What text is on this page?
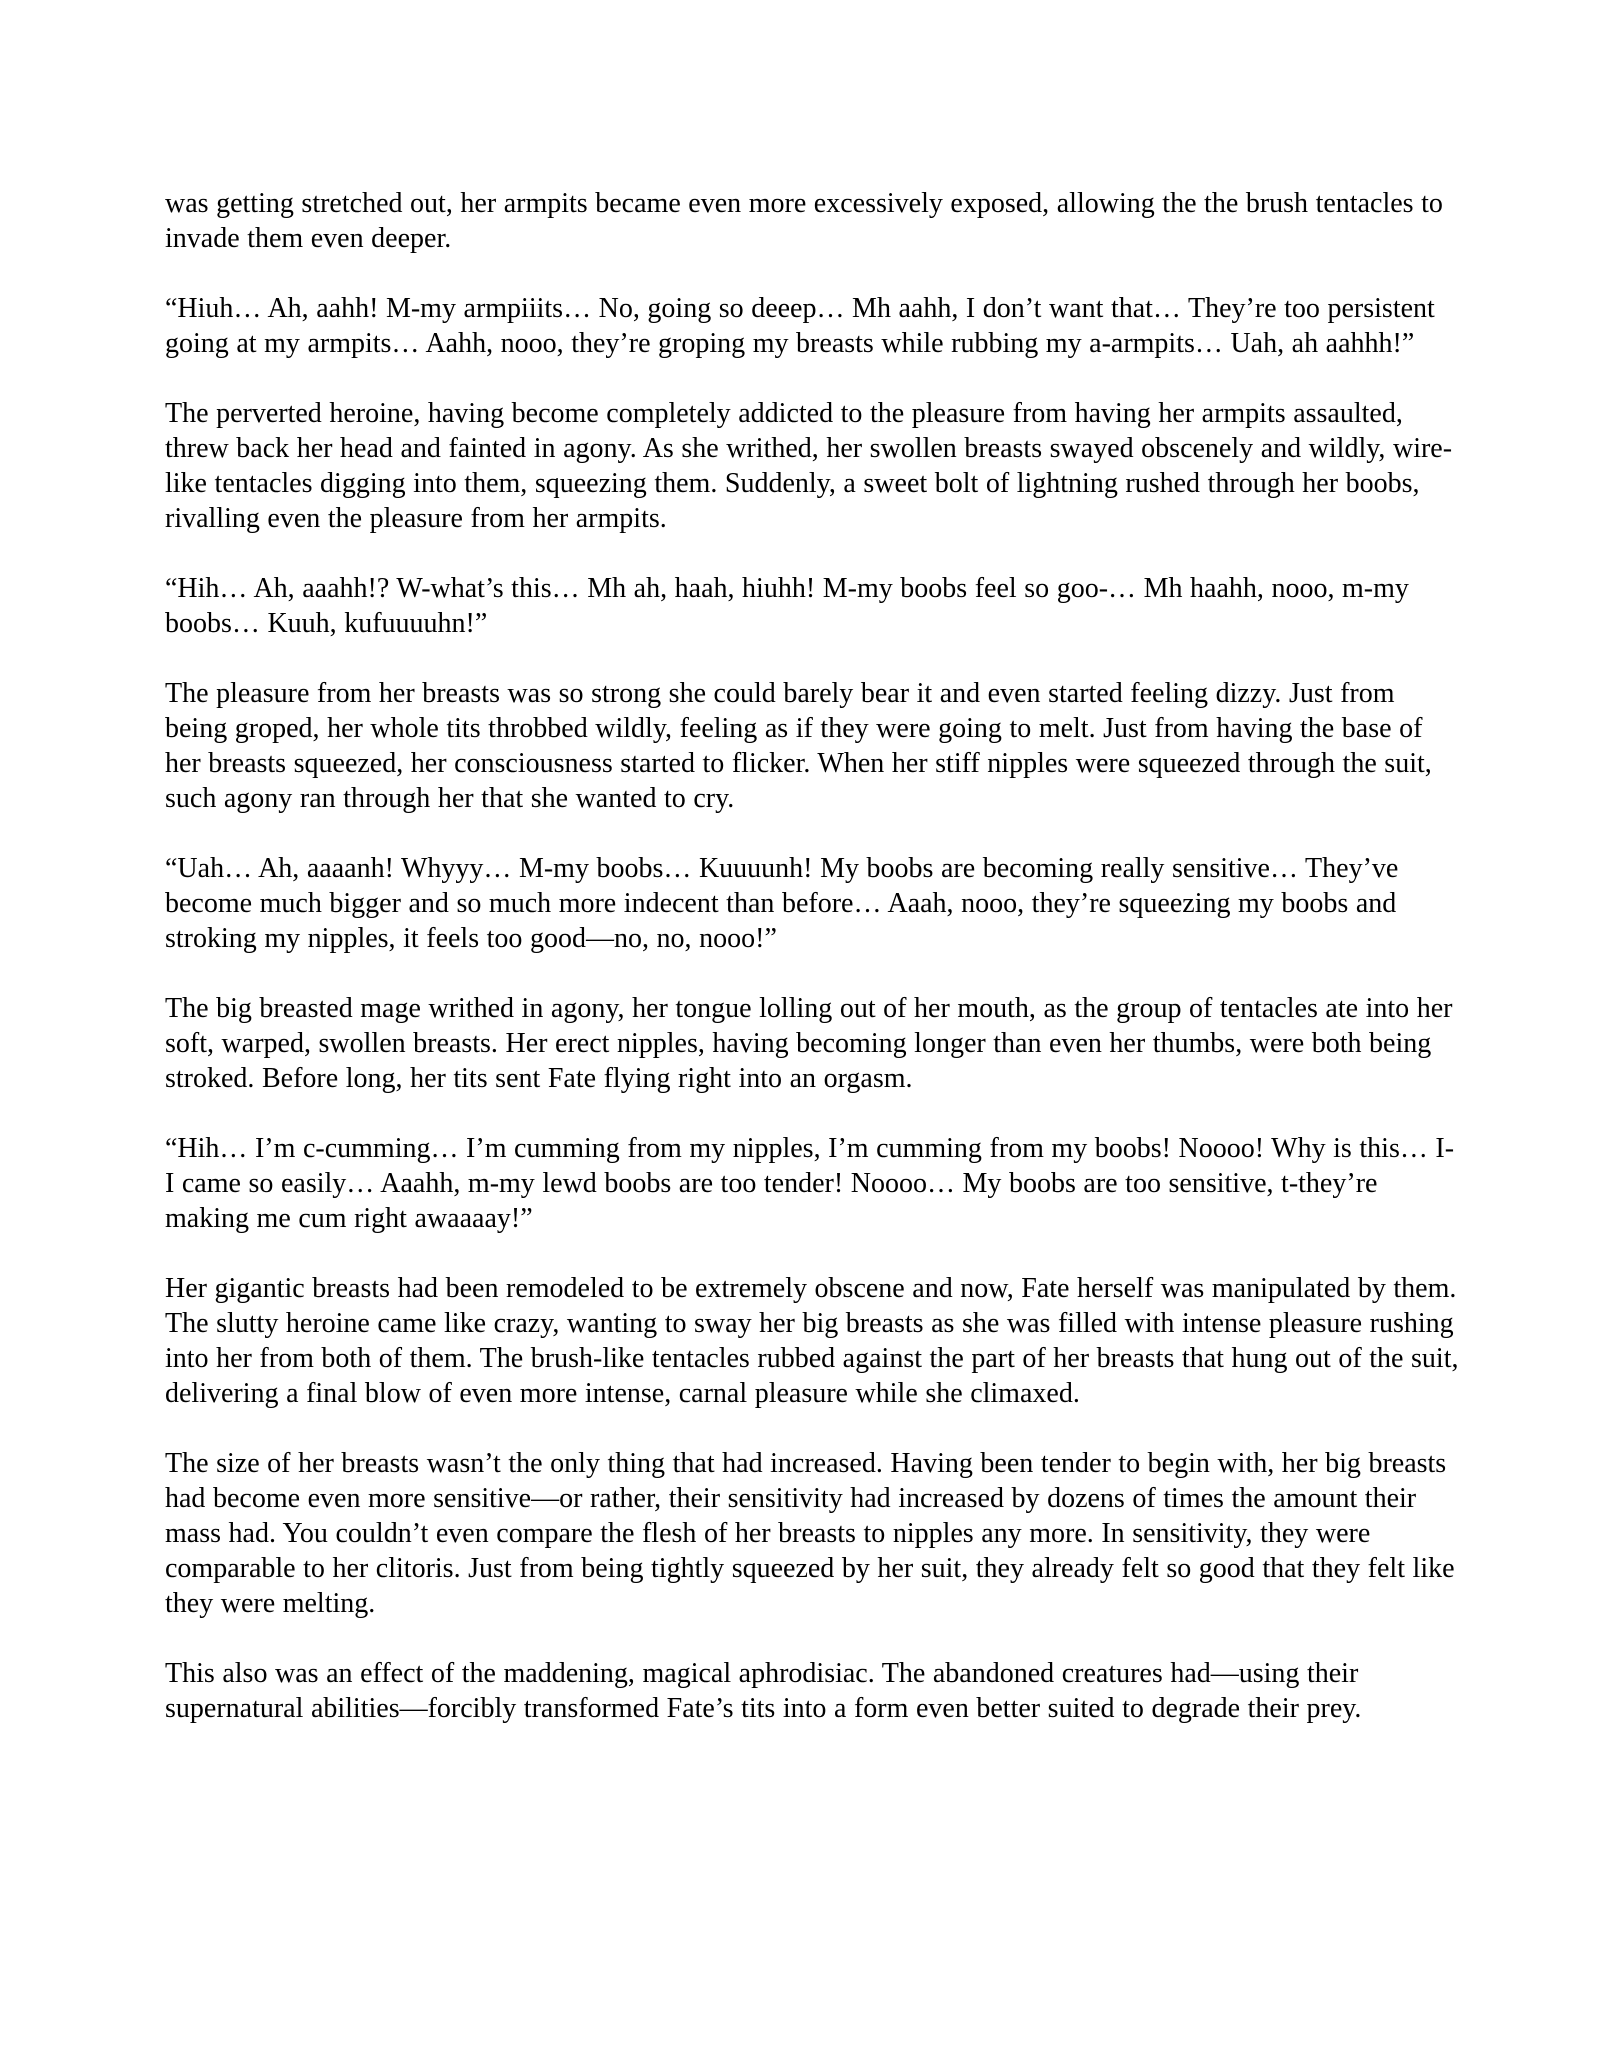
was getting stretched out, her armpits became even more excessively exposed, allowing the the brush tentacles to invade them even deeper.

“Hiuh… Ah, aahh! M-my armpiiits… No, going so deeep… Mh aahh, I don’t want that… They’re too persistent going at my armpits… Aahh, nooo, they’re groping my breasts while rubbing my a-armpits… Uah, ah aahhh!”

The perverted heroine, having become completely addicted to the pleasure from having her armpits assaulted, threw back her head and fainted in agony. As she writhed, her swollen breasts swayed obscenely and wildly, wire-like tentacles digging into them, squeezing them. Suddenly, a sweet bolt of lightning rushed through her boobs, rivalling even the pleasure from her armpits.

“Hih… Ah, aaahh!? W-what’s this… Mh ah, haah, hiuhh! M-my boobs feel so goo-… Mh haahh, nooo, m-my boobs… Kuuh, kufuuuuhn!”

The pleasure from her breasts was so strong she could barely bear it and even started feeling dizzy. Just from being groped, her whole tits throbbed wildly, feeling as if they were going to melt. Just from having the base of her breasts squeezed, her consciousness started to flicker. When her stiff nipples were squeezed through the suit, such agony ran through her that she wanted to cry.

“Uah… Ah, aaaanh! Whyyy… M-my boobs… Kuuuunh! My boobs are becoming really sensitive… They’ve become much bigger and so much more indecent than before… Aaah, nooo, they’re squeezing my boobs and stroking my nipples, it feels too good—no, no, nooo!”

The big breasted mage writhed in agony, her tongue lolling out of her mouth, as the group of tentacles ate into her soft, warped, swollen breasts. Her erect nipples, having becoming longer than even her thumbs, were both being stroked. Before long, her tits sent Fate flying right into an orgasm.

“Hih… I’m c-cumming… I’m cumming from my nipples, I’m cumming from my boobs! Noooo! Why is this… I-I came so easily… Aaahh, m-my lewd boobs are too tender! Noooo… My boobs are too sensitive, t-they’re making me cum right awaaaay!”

Her gigantic breasts had been remodeled to be extremely obscene and now, Fate herself was manipulated by them. The slutty heroine came like crazy, wanting to sway her big breasts as she was filled with intense pleasure rushing into her from both of them. The brush-like tentacles rubbed against the part of her breasts that hung out of the suit, delivering a final blow of even more intense, carnal pleasure while she climaxed.

The size of her breasts wasn’t the only thing that had increased. Having been tender to begin with, her big breasts had become even more sensitive—or rather, their sensitivity had increased by dozens of times the amount their mass had. You couldn’t even compare the flesh of her breasts to nipples any more. In sensitivity, they were comparable to her clitoris. Just from being tightly squeezed by her suit, they already felt so good that they felt like they were melting.

This also was an effect of the maddening, magical aphrodisiac. The abandoned creatures had—using their supernatural abilities—forcibly transformed Fate’s tits into a form even better suited to degrade their prey.
